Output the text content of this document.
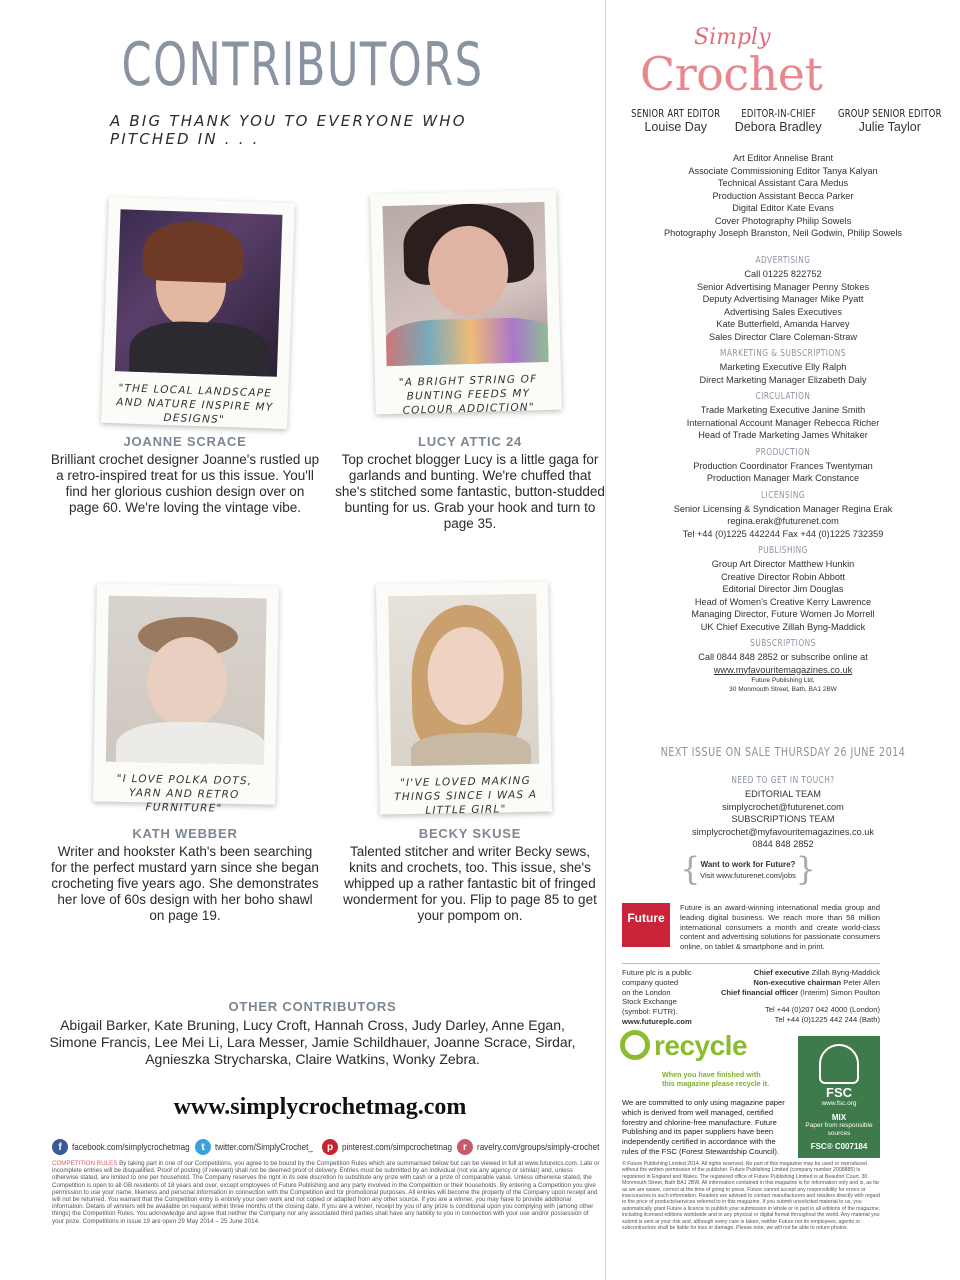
CONTRIBUTORS
A BIG THANK YOU TO EVERYONE WHO PITCHED IN . . .
"THE LOCAL LANDSCAPE AND NATURE INSPIRE MY DESIGNS"
"A BRIGHT STRING OF BUNTING FEEDS MY COLOUR ADDICTION"
JOANNE SCRACE
Brilliant crochet designer Joanne's rustled up a retro-inspired treat for us this issue. You'll find her glorious cushion design over on page 60. We're loving the vintage vibe.
LUCY ATTIC 24
Top crochet blogger Lucy is a little gaga for garlands and bunting. We're chuffed that she's stitched some fantastic, button-studded bunting for us. Grab your hook and turn to page 35.
"I LOVE POLKA DOTS, YARN AND RETRO FURNITURE"
"I'VE LOVED MAKING THINGS SINCE I WAS A LITTLE GIRL"
KATH WEBBER
Writer and hookster Kath's been searching for the perfect mustard yarn since she began crocheting five years ago. She demonstrates her love of 60s design with her boho shawl on page 19.
BECKY SKUSE
Talented stitcher and writer Becky sews, knits and crochets, too. This issue, she's whipped up a rather fantastic bit of fringed wonderment for you. Flip to page 85 to get your pompom on.
OTHER CONTRIBUTORS
Abigail Barker, Kate Bruning, Lucy Croft, Hannah Cross, Judy Darley, Anne Egan, Simone Francis, Lee Mei Li, Lara Messer, Jamie Schildhauer, Joanne Scrace, Sirdar, Agnieszka Strycharska, Claire Watkins, Wonky Zebra.
www.simplycrochetmag.com
f	facebook.com/simplycrochetmag	t	twitter.com/SimplyCrochet_	p pinterest.com/simpcrochetmag	r	ravelry.com/groups/simply-crochet
COMPETITION RULES By taking part in one of our Competitions, you agree to be bound by the Competition Rules which are summarised below but can be viewed in full at www.futuretcs.com. Late or incomplete entries will be disqualified. Proof of posting (if relevant) shall not be deemed proof of delivery. Entries must be submitted by an individual (not via any agency or similar) and, unless otherwise stated, are limited to one per household. The Company reserves the right in its sole discretion to substitute any prize with cash or a prize of comparable value. Unless otherwise stated, the Competition is open to all GB residents of 18 years and over, except employees of Future Publishing and any party involved in the Competition or their households. By entering a Competition you give permission to use your name, likeness and personal information in connection with the Competition and for promotional purposes. All entries will become the property of the Company upon receipt and will not be returned. You warrant that the Competition entry is entirely your own work and not copied or adapted from any other source. If you are a winner, you may have to provide additional information. Details of winners will be available on request within three months of the closing date. If you are a winner, receipt by you of any prize is conditional upon you complying with (among other things) the Competition Rules. You acknowledge and agree that neither the Company nor any associated third parties shall have any liability to you in connection with your use and/or possession of your prize. Competitions in issue 19 are open 29 May 2014 – 25 June 2014.
Simply
Crochet
SENIOR ART EDITOR
Louise Day
EDITOR-IN-CHIEF
Debora Bradley
GROUP SENIOR EDITOR
Julie Taylor
Art Editor Annelise Brant
Associate Commissioning Editor Tanya Kalyan
Technical Assistant Cara Medus
Production Assistant Becca Parker
Digital Editor Kate Evans
Cover Photography Philip Sowels
Photography Joseph Branston, Neil Godwin, Philip Sowels
ADVERTISING
Call 01225 822752
Senior Advertising Manager Penny Stokes
Deputy Advertising Manager Mike Pyatt
Advertising Sales Executives
Kate Butterfield, Amanda Harvey
Sales Director Clare Coleman-Straw
MARKETING & SUBSCRIPTIONS
Marketing Executive Elly Ralph
Direct Marketing Manager Elizabeth Daly
CIRCULATION
Trade Marketing Executive Janine Smith
International Account Manager Rebecca Richer
Head of Trade Marketing James Whitaker
PRODUCTION
Production Coordinator Frances Twentyman
Production Manager Mark Constance
LICENSING
Senior Licensing & Syndication Manager Regina Erak
regina.erak@futurenet.com
Tel +44 (0)1225 442244 Fax +44 (0)1225 732359
PUBLISHING
Group Art Director Matthew Hunkin
Creative Director Robin Abbott
Editorial Director Jim Douglas
Head of Women's Creative Kerry Lawrence
Managing Director, Future Women Jo Morrell
UK Chief Executive Zillah Byng-Maddick
SUBSCRIPTIONS
Call 0844 848 2852 or subscribe online at
www.myfavouritemagazines.co.uk
Future Publishing Ltd,
30 Monmouth Street, Bath, BA1 2BW
NEXT ISSUE ON SALE THURSDAY 26 JUNE 2014
NEED TO GET IN TOUCH?
EDITORIAL TEAM
simplycrochet@futurenet.com
SUBSCRIPTIONS TEAM
simplycrochet@myfavouritemagazines.co.uk
0844 848 2852
{ Want to work for Future?
Visit www.futurenet.com/jobs }
Future
Future is an award-winning international media group and leading digital business. We reach more than 58 million international consumers a month and create world-class content and advertising solutions for passionate consumers online, on tablet & smartphone and in print.
Future plc is a public
company quoted
on the London
Stock Exchange
(symbol: FUTR).
www.futureplc.com
Chief executive Zillah Byng-Maddick
Non-executive chairman Peter Allen
Chief financial officer (Interim) Simon Poulton
Tel +44 (0)207 042 4000 (London)
Tel +44 (0)1225 442 244 (Bath)
recycle
When you have finished with
this magazine please recycle it.
We are committed to only using magazine paper which is derived from well managed, certified forestry and chlorine-free manufacture. Future Publishing and its paper suppliers have been independently certified in accordance with the rules of the FSC (Forest Stewardship Council).
FSC
www.fsc.org
MIX
Paper from responsible sources
FSC® C007184
© Future Publishing Limited 2014. All rights reserved. No part of this magazine may be used or reproduced without the written permission of the publisher. Future Publishing Limited (company number 2008885) is registered in England and Wales. The registered office of Future Publishing Limited is at Beaufort Court, 30 Monmouth Street, Bath BA1 2BW. All information contained in this magazine is for information only and is, as far as we are aware, correct at the time of going to press. Future cannot accept any responsibility for errors or inaccuracies in such information. Readers are advised to contact manufacturers and retailers directly with regard to the price of products/services referred to in this magazine. If you submit unsolicited material to us, you automatically grant Future a licence to publish your submission in whole or in part in all editions of the magazine, including licensed editions worldwide and in any physical or digital format throughout the world. Any material you submit is sent at your risk and, although every care is taken, neither Future nor its employees, agents or subcontractors shall be liable for loss or damage. Please note, we will not be able to return photos.
